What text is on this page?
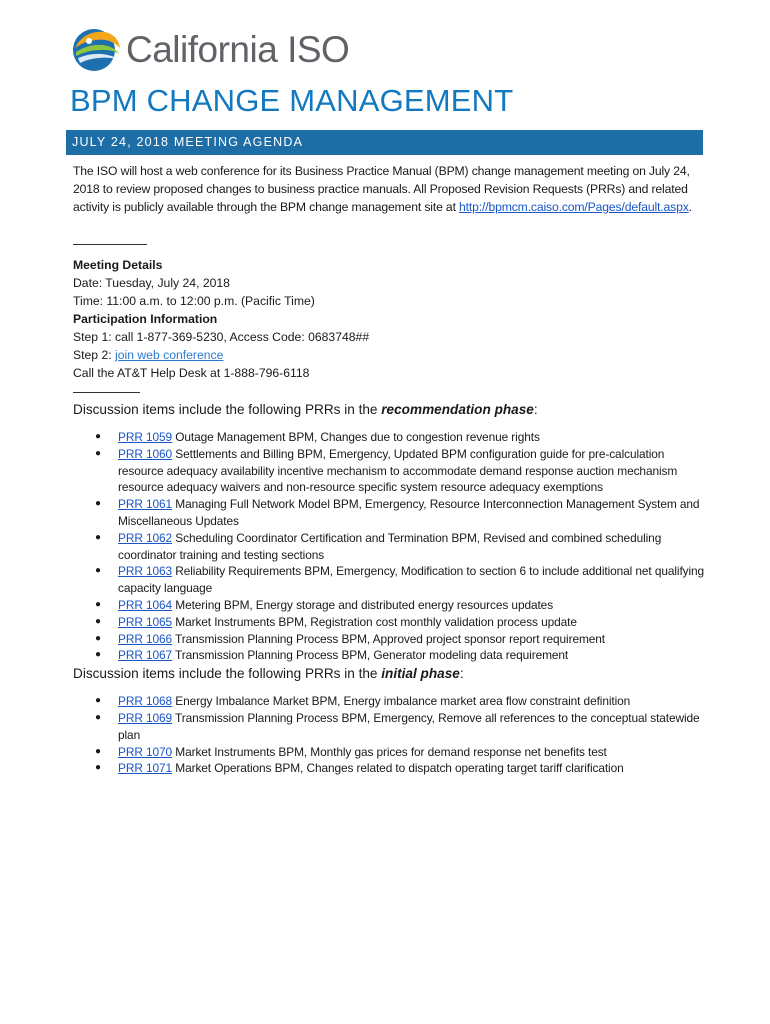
California ISO
BPM CHANGE MANAGEMENT
JULY 24, 2018 MEETING AGENDA

The ISO will host a web conference for its Business Practice Manual (BPM) change management meeting on July 24, 2018 to review proposed changes to business practice manuals. All Proposed Revision Requests (PRRs) and related activity is publicly available through the BPM change management site at http://bpmcm.caiso.com/Pages/default.aspx.

Meeting Details

Date: Tuesday, July 24, 2018

Time: 11:00 a.m. to 12:00 p.m. (Pacific Time)

Participation Information

Step 1: call 1-877-369-5230, Access Code: 0683748##

Step 2: join web conference

Call the AT&T Help Desk at 1-888-796-6118

Discussion items include the following PRRs in the recommendation phase:

● PRR 1059 Outage Management BPM, Changes due to congestion revenue rights
● PRR 1060 Settlements and Billing BPM, Emergency, Updated BPM configuration guide for pre-calculation resource adequacy availability incentive mechanism to accommodate demand response auction mechanism resource adequacy waivers and non-resource specific system resource adequacy exemptions
● PRR 1061 Managing Full Network Model BPM, Emergency, Resource Interconnection Management System and Miscellaneous Updates
● PRR 1062 Scheduling Coordinator Certification and Termination BPM, Revised and combined scheduling coordinator training and testing sections
● PRR 1063 Reliability Requirements BPM, Emergency, Modification to section 6 to include additional net qualifying capacity language
● PRR 1064 Metering BPM, Energy storage and distributed energy resources updates
● PRR 1065 Market Instruments BPM, Registration cost monthly validation process update
● PRR 1066 Transmission Planning Process BPM, Approved project sponsor report requirement
● PRR 1067 Transmission Planning Process BPM, Generator modeling data requirement

Discussion items include the following PRRs in the initial phase:

● PRR 1068 Energy Imbalance Market BPM, Energy imbalance market area flow constraint definition
● PRR 1069 Transmission Planning Process BPM, Emergency, Remove all references to the conceptual statewide plan
● PRR 1070 Market Instruments BPM, Monthly gas prices for demand response net benefits test
● PRR 1071 Market Operations BPM, Changes related to dispatch operating target tariff clarification
